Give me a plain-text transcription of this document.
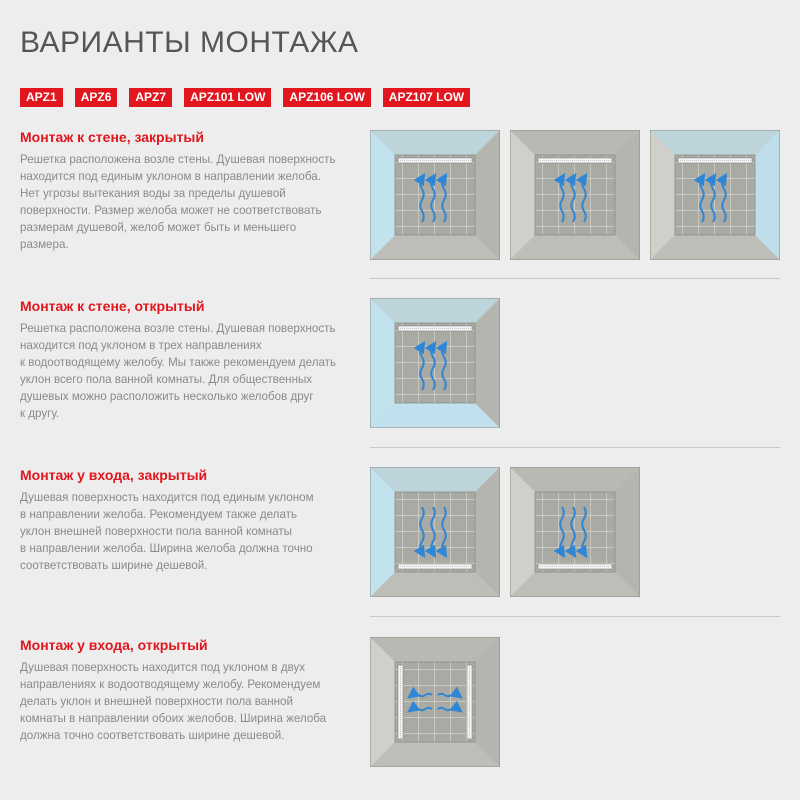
ВАРИАНТЫ МОНТАЖА
APZ1	APZ6	APZ7	APZ101 LOW	APZ106 LOW	APZ107 LOW
Монтаж к стене, закрытый

Решетка расположена возле стены. Душевая поверхность
находится под единым уклоном в направлении желоба.
Нет угрозы вытекания воды за пределы душевой
поверхности. Размер желоба может не соответствовать
размерам душевой, желоб может быть и меньшего
размера.

Монтаж к стене, открытый

Решетка расположена возле стены. Душевая поверхность
находится под уклоном в трех направлениях
к водоотводящему желобу. Мы также рекомендуем делать
уклон всего пола ванной комнаты. Для общественных
душевых можно расположить несколько желобов друг
к другу.

Монтаж у входа, закрытый

Душевая поверхность находится под единым уклоном
в направлении желоба. Рекомендуем также делать
уклон внешней поверхности пола ванной комнаты
в направлении желоба. Ширина желоба должна точно
соответствовать ширине дешевой.

Монтаж у входа, открытый

Душевая поверхность находится под уклоном в двух
направлениях к водоотводящему желобу. Рекомендуем
делать уклон и внешней поверхности пола ванной
комнаты в направлении обоих желобов. Ширина желоба
должна точно соответствовать ширине дешевой.
